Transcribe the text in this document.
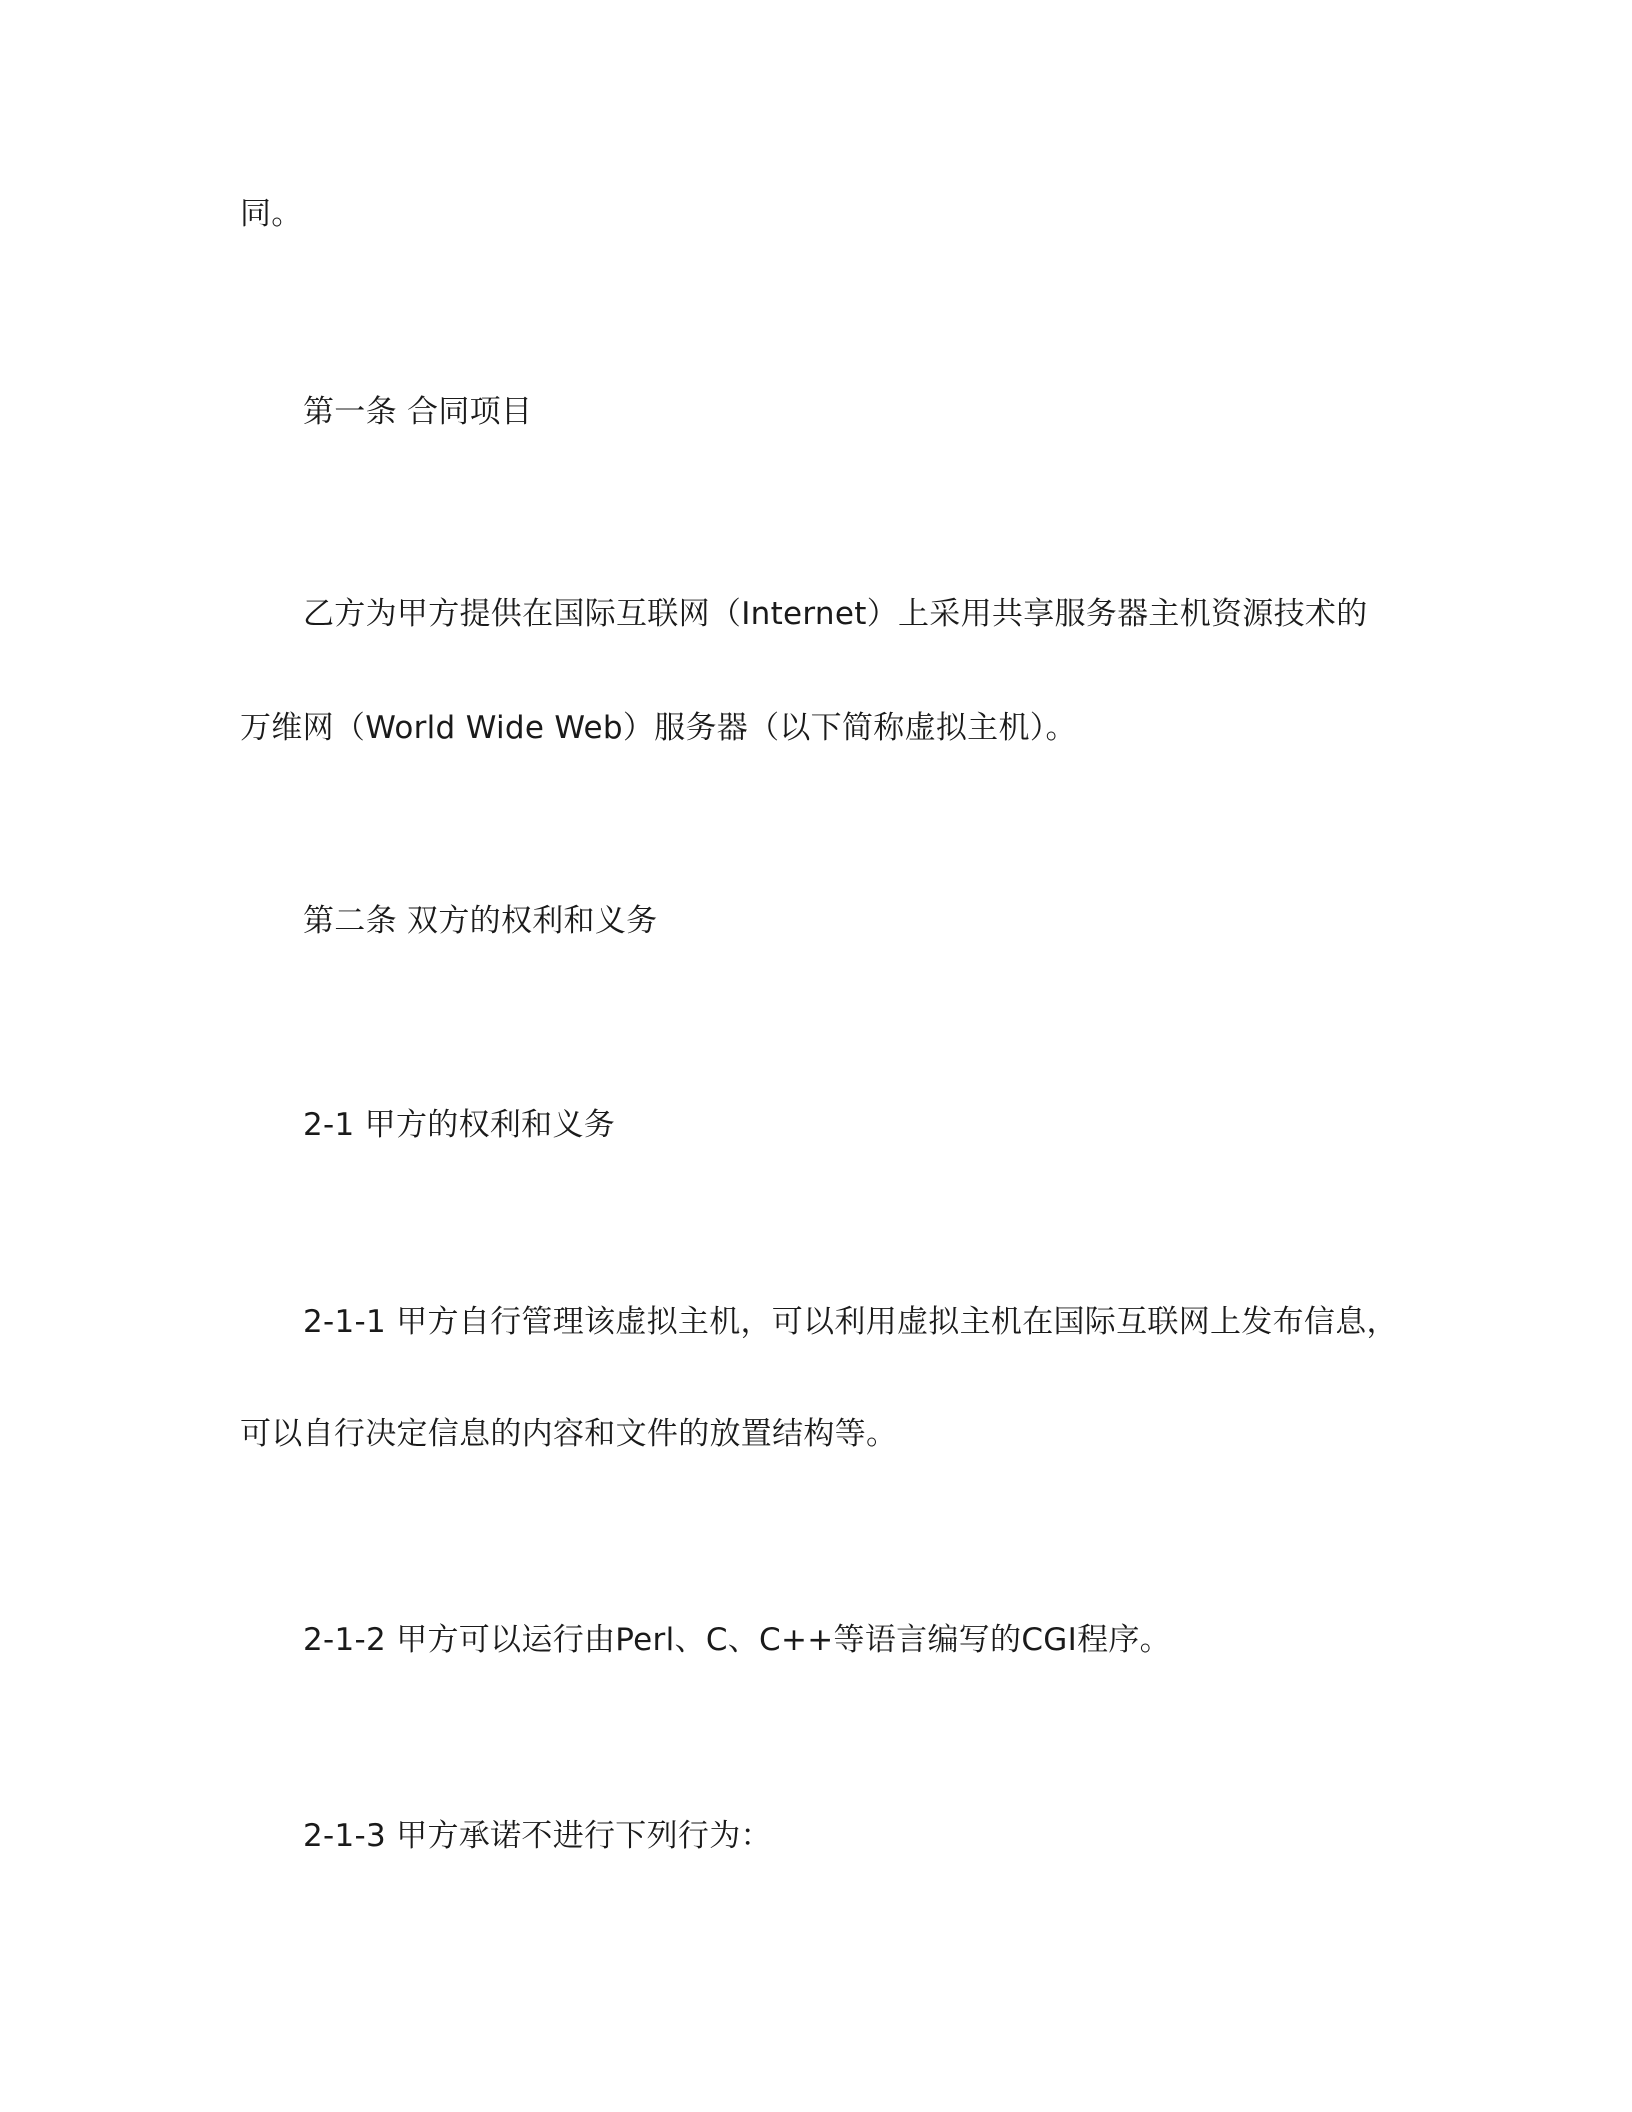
同。

第一条 合同项目

乙方为甲方提供在国际互联网（Internet）上采用共享服务器主机资源技术的

万维网（World Wide Web）服务器（以下简称虚拟主机）。

第二条 双方的权利和义务

2-1 甲方的权利和义务

2-1-1 甲方自行管理该虚拟主机，可以利用虚拟主机在国际互联网上发布信息，

可以自行决定信息的内容和文件的放置结构等。

2-1-2 甲方可以运行由Perl、C、C++等语言编写的CGI程序。

2-1-3 甲方承诺不进行下列行为：
